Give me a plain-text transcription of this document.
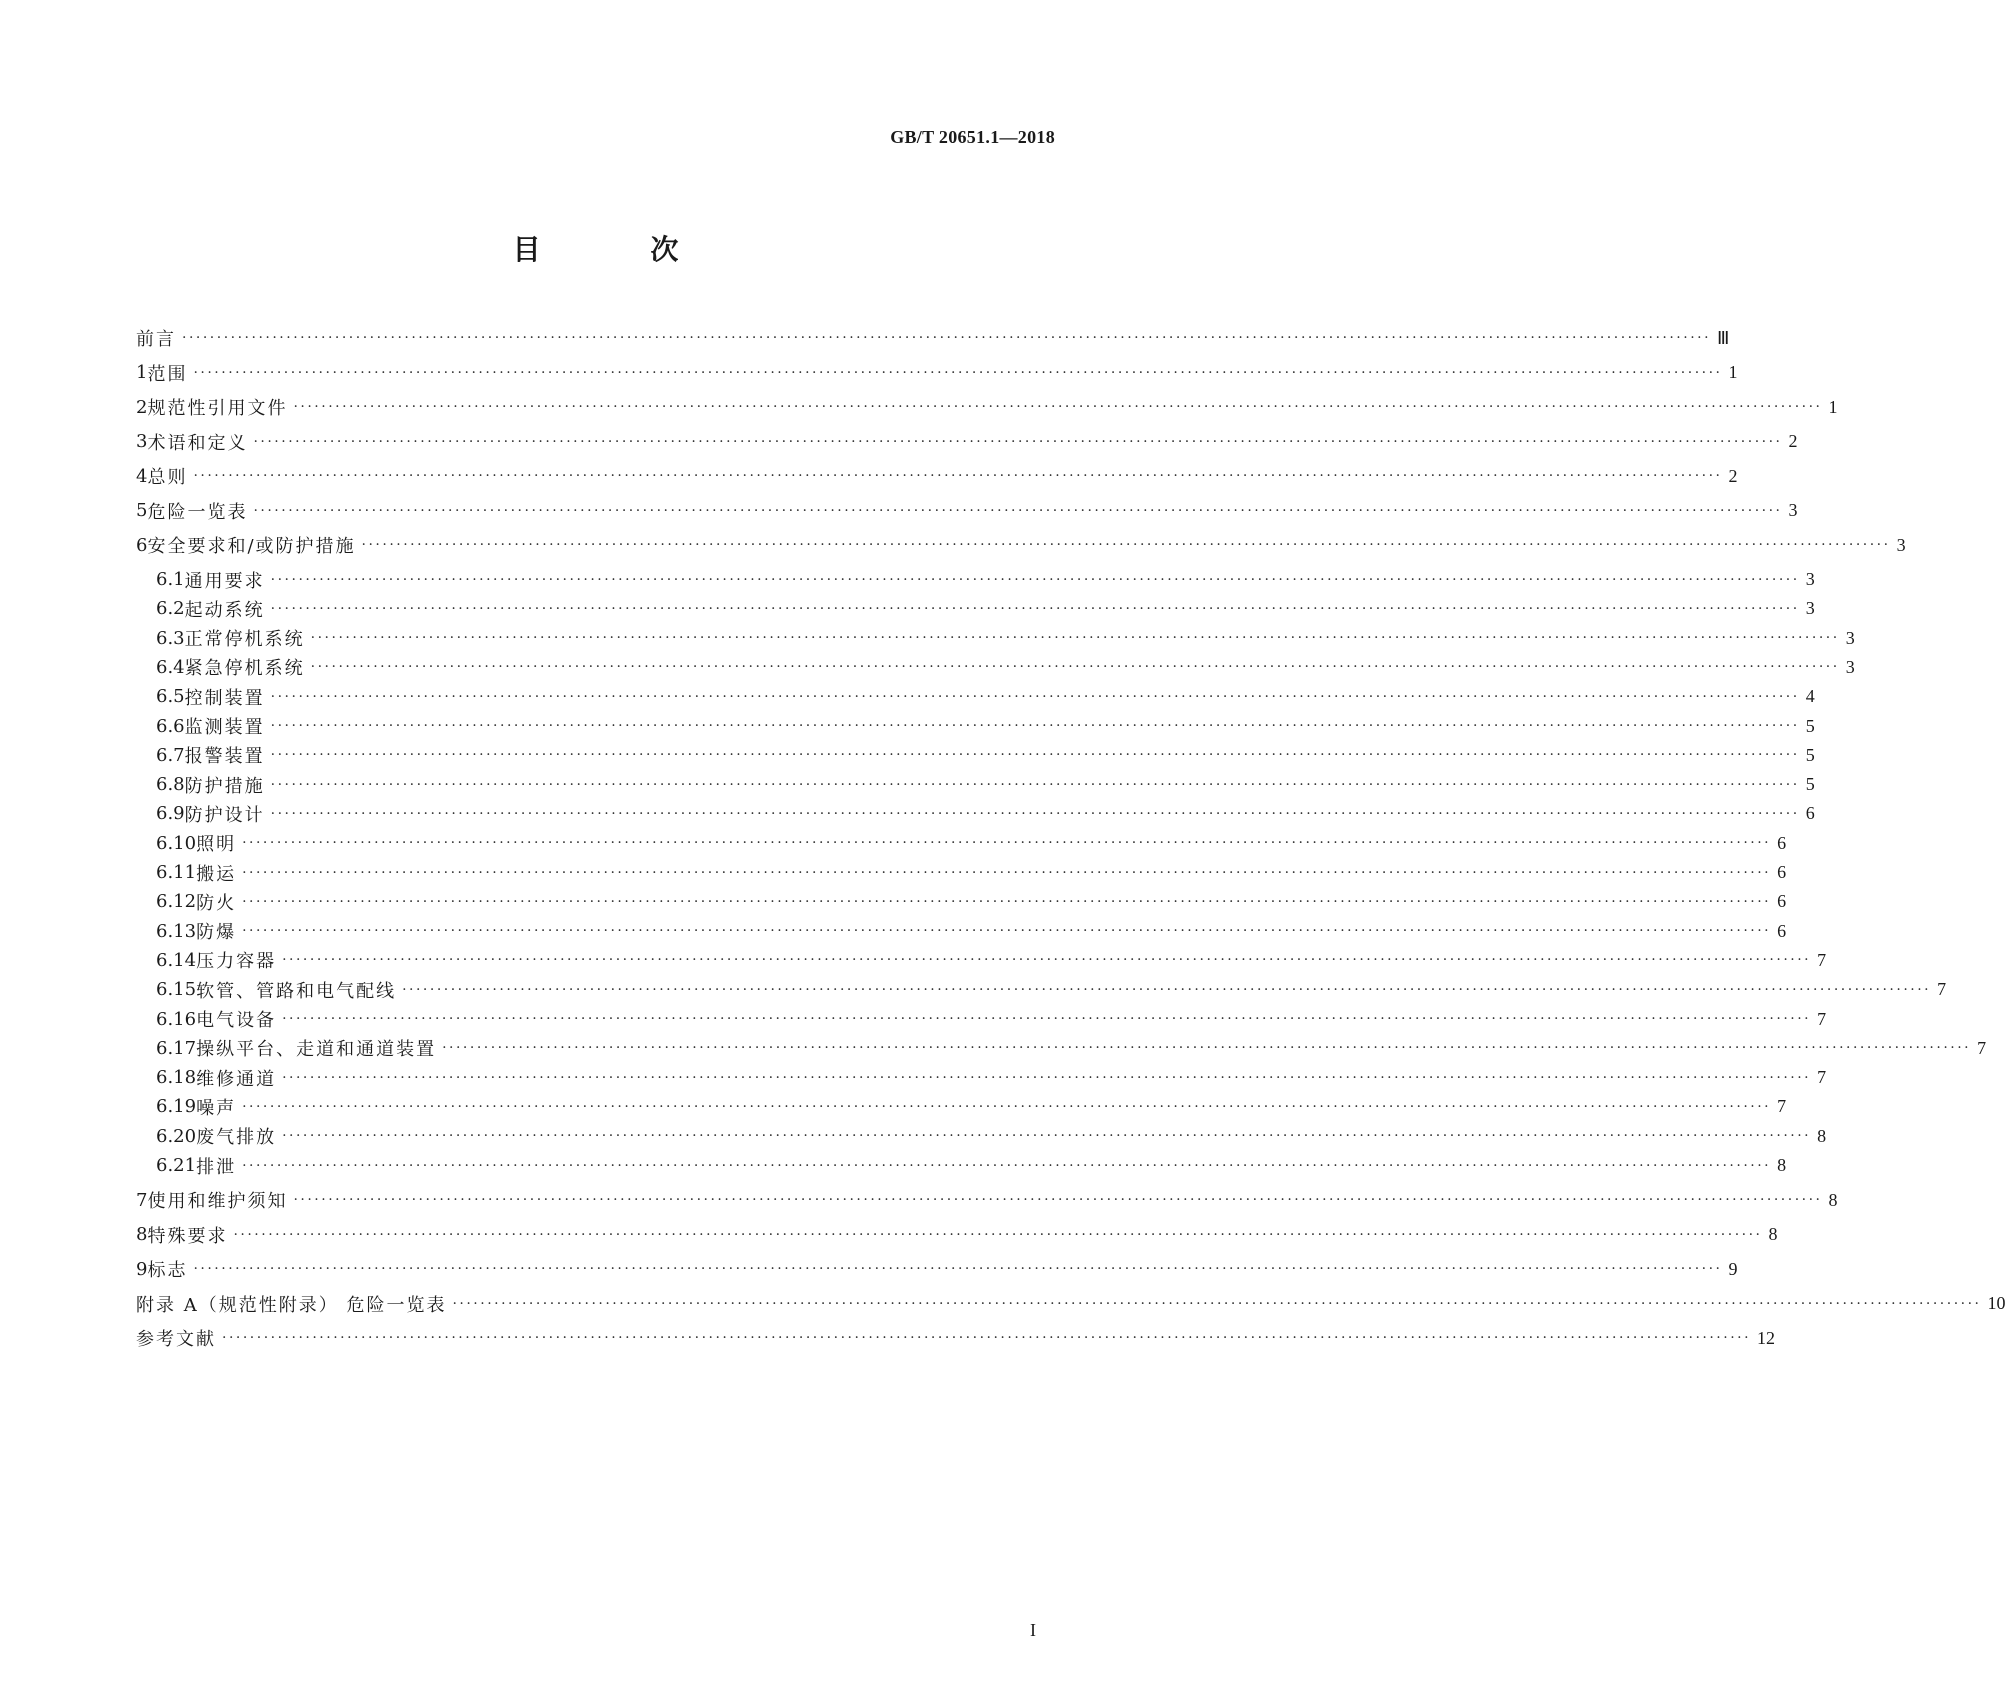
GB/T 20651.1—2018
目 次
前言 ···························································································································································································································· Ⅲ
1 范围 ···························································································································································································································· 1
2 规范性引用文件 ···························································································································································································································· 1
3 术语和定义 ···························································································································································································································· 2
4 总则 ···························································································································································································································· 2
5 危险一览表 ···························································································································································································································· 3
6 安全要求和/或防护措施 ···························································································································································································································· 3
6.1 通用要求 ···························································································································································································································· 3
6.2 起动系统 ···························································································································································································································· 3
6.3 正常停机系统 ···························································································································································································································· 3
6.4 紧急停机系统 ···························································································································································································································· 3
6.5 控制装置 ···························································································································································································································· 4
6.6 监测装置 ···························································································································································································································· 5
6.7 报警装置 ···························································································································································································································· 5
6.8 防护措施 ···························································································································································································································· 5
6.9 防护设计 ···························································································································································································································· 6
6.10 照明 ···························································································································································································································· 6
6.11 搬运 ···························································································································································································································· 6
6.12 防火 ···························································································································································································································· 6
6.13 防爆 ···························································································································································································································· 6
6.14 压力容器 ···························································································································································································································· 7
6.15 软管、管路和电气配线 ···························································································································································································································· 7
6.16 电气设备 ···························································································································································································································· 7
6.17 操纵平台、走道和通道装置 ···························································································································································································································· 7
6.18 维修通道 ···························································································································································································································· 7
6.19 噪声 ···························································································································································································································· 7
6.20 废气排放 ···························································································································································································································· 8
6.21 排泄 ···························································································································································································································· 8
7 使用和维护须知 ···························································································································································································································· 8
8 特殊要求 ···························································································································································································································· 8
9 标志 ···························································································································································································································· 9
附录 A（规范性附录） 危险一览表 ···························································································································································································································· 10
参考文献 ···························································································································································································································· 12
I
